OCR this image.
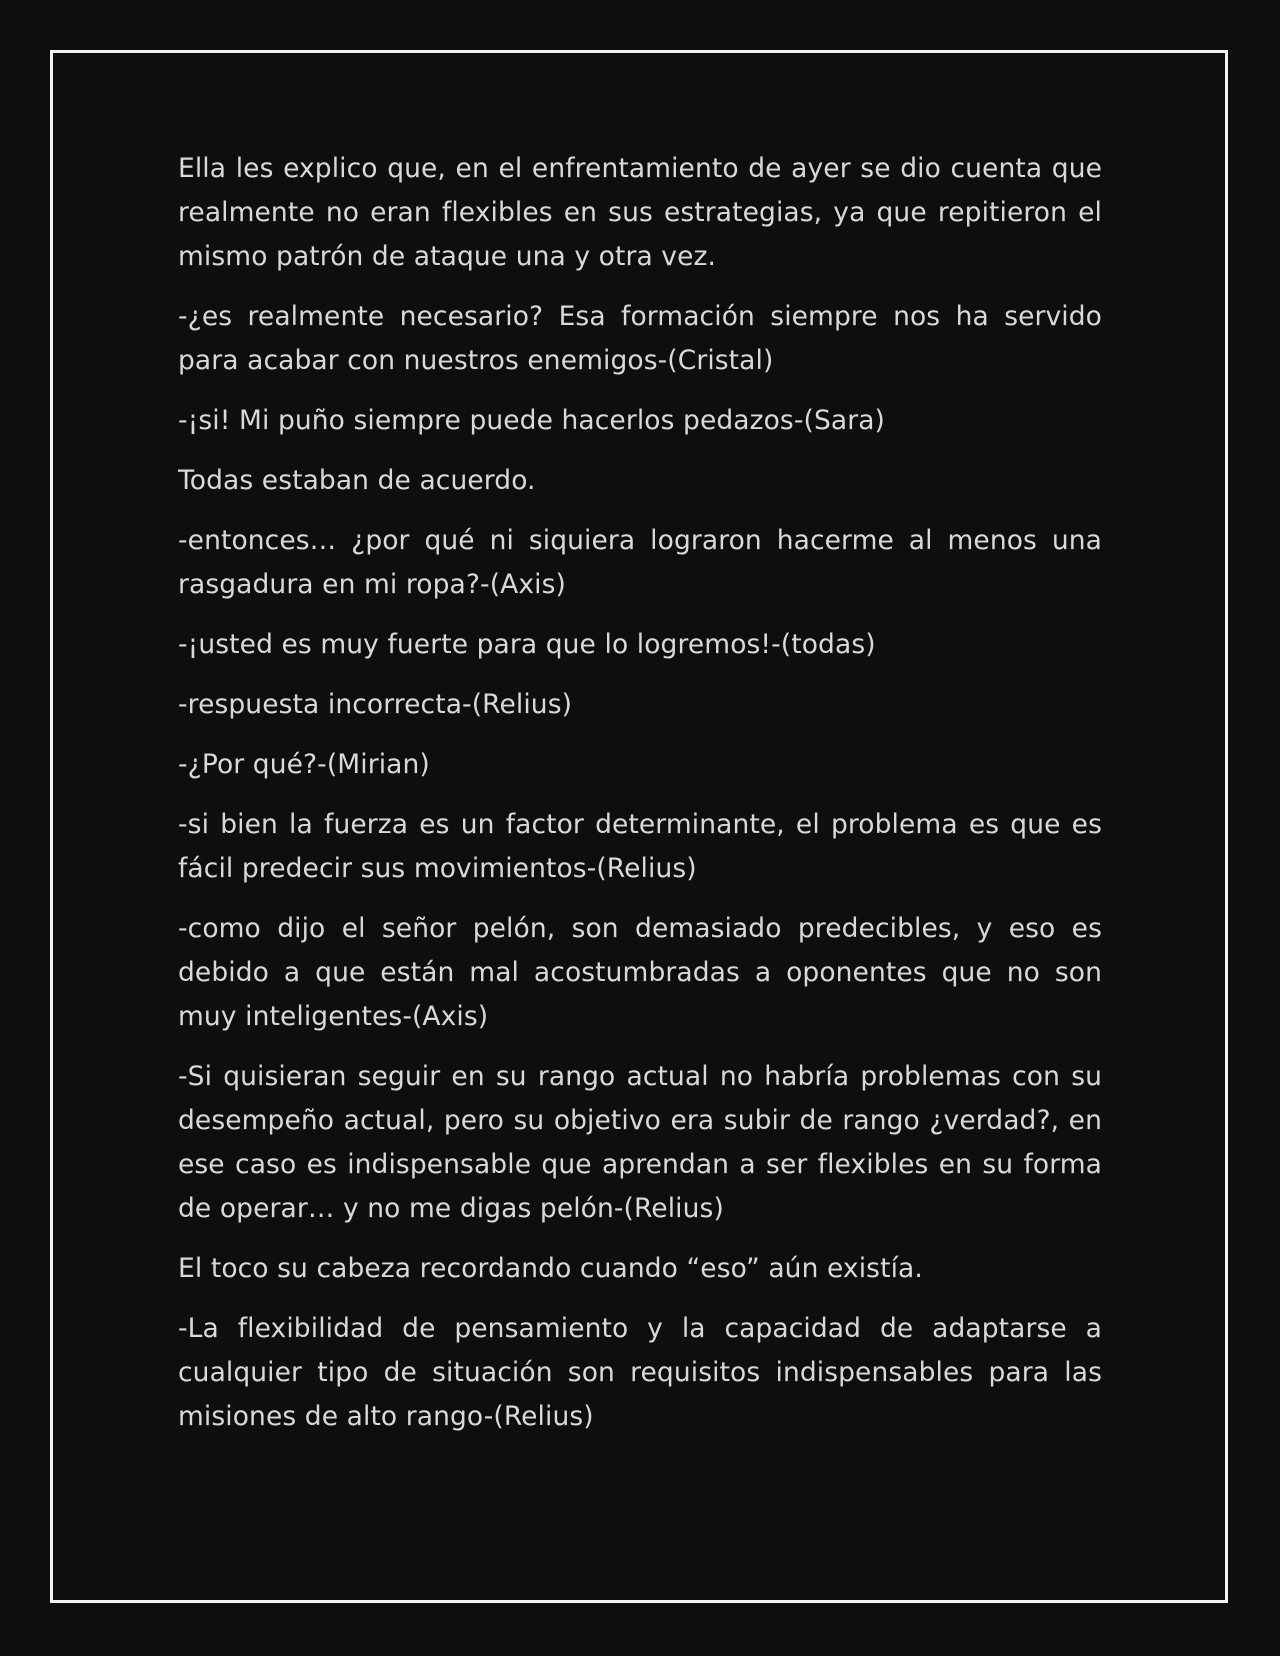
Ella les explico que, en el enfrentamiento de ayer se dio cuenta que realmente no eran flexibles en sus estrategias, ya que repitieron el mismo patrón de ataque una y otra vez.

-¿es realmente necesario? Esa formación siempre nos ha servido para acabar con nuestros enemigos-(Cristal)

-¡si! Mi puño siempre puede hacerlos pedazos-(Sara)

Todas estaban de acuerdo.

-entonces… ¿por qué ni siquiera lograron hacerme al menos una rasgadura en mi ropa?-(Axis)

-¡usted es muy fuerte para que lo logremos!-(todas)

-respuesta incorrecta-(Relius)

-¿Por qué?-(Mirian)

-si bien la fuerza es un factor determinante, el problema es que es fácil predecir sus movimientos-(Relius)

-como dijo el señor pelón, son demasiado predecibles, y eso es debido a que están mal acostumbradas a oponentes que no son muy inteligentes-(Axis)

-Si quisieran seguir en su rango actual no habría problemas con su desempeño actual, pero su objetivo era subir de rango ¿verdad?, en ese caso es indispensable que aprendan a ser flexibles en su forma de operar… y no me digas pelón-(Relius)

El toco su cabeza recordando cuando “eso” aún existía.

-La flexibilidad de pensamiento y la capacidad de adaptarse a cualquier tipo de situación son requisitos indispensables para las misiones de alto rango-(Relius)
